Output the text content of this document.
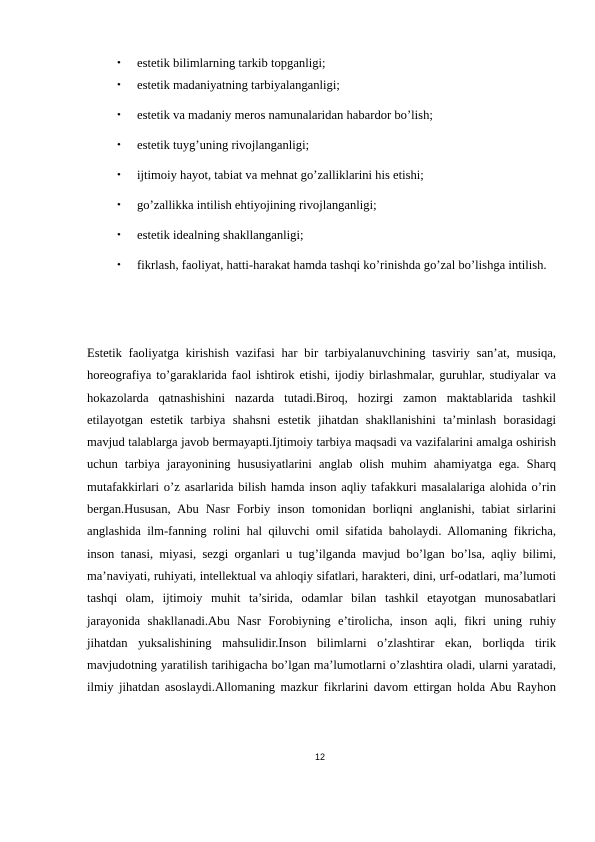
• estetik bilimlarning tarkib topganligi;
• estetik madaniyatning tarbiyalanganligi;
• estetik va madaniy meros namunalaridan habardor bo’lish;
• estetik tuyg’uning rivojlanganligi;
• ijtimoiy hayot, tabiat va mehnat go’zalliklarini his etishi;
• go’zallikka intilish ehtiyojining rivojlanganligi;
• estetik idealning shakllanganligi;
• fikrlash, faoliyat, hatti-harakat hamda tashqi ko’rinishda go’zal bo’lishga intilish.

Estetik faoliyatga kirishish vazifasi har bir tarbiyalanuvchining tasviriy san’at, musiqa, horeografiya to’garaklarida faol ishtirok etishi, ijodiy birlashmalar, guruhlar, studiyalar va hokazolarda qatnashishini nazarda tutadi.Biroq, hozirgi zamon maktablarida tashkil etilayotgan estetik tarbiya shahsni estetik jihatdan shakllanishini ta’minlash borasidagi mavjud talablarga javob bermayapti.Ijtimoiy tarbiya maqsadi va vazifalarini amalga oshirish uchun tarbiya jarayonining hususiyatlarini anglab olish muhim ahamiyatga ega. Sharq mutafakkirlari o’z asarlarida bilish hamda inson aqliy tafakkuri masalalariga alohida o’rin bergan.Hususan, Abu Nasr Forbiy inson tomonidan borliqni anglanishi, tabiat sirlarini anglashida ilm-fanning rolini hal qiluvchi omil sifatida baholaydi. Allomaning fikricha, inson tanasi, miyasi, sezgi organlari u tug’ilganda mavjud bo’lgan bo’lsa, aqliy bilimi, ma’naviyati, ruhiyati, intellektual va ahloqiy sifatlari, harakteri, dini, urf-odatlari, ma’lumoti tashqi olam, ijtimoiy muhit ta’sirida, odamlar bilan tashkil etayotgan munosabatlari jarayonida shakllanadi.Abu Nasr Forobiyning e’tirolicha, inson aqli, fikri uning ruhiy jihatdan yuksalishining mahsulidir.Inson bilimlarni o’zlashtirar ekan, borliqda tirik mavjudotning yaratilish tarihigacha bo’lgan ma’lumotlarni o’zlashtira oladi, ularni yaratadi, ilmiy jihatdan asoslaydi.Allomaning mazkur fikrlarini davom ettirgan holda Abu Rayhon

12
